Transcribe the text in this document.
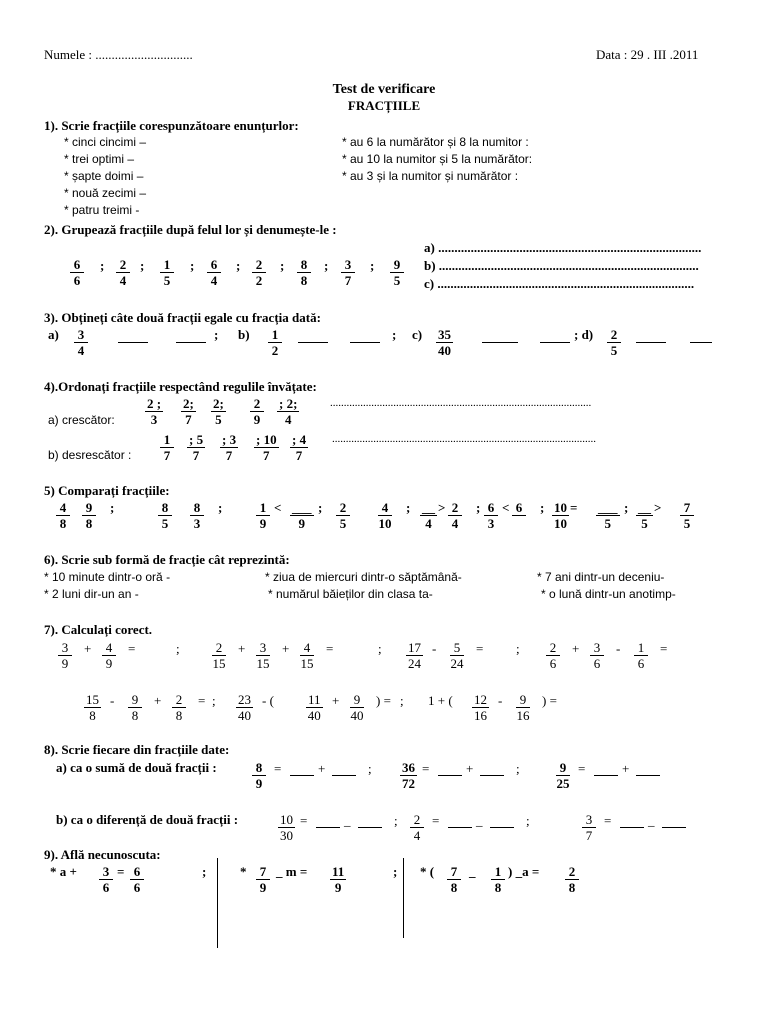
Numele : ..............................	Data : 29 . III .2011
Test de verificare
FRACȚIILE
1). Scrie fracțiile corespunzătoare enunțurlor:
* cinci cincimi –
* trei optimi –
* șapte doimi –
* nouă zecimi –
* patru treimi -
* au 6 la numărător și 8 la numitor :
* au 10 la numitor și 5 la numărător:
* au 3 și la numitor și numărător :
2). Grupează fracțiile după felul lor și denumește-le :
$\frac{6}{6}$ ; $\frac{2}{4}$ ; $\frac{1}{5}$ ; $\frac{6}{4}$ ; $\frac{2}{2}$ ; $\frac{8}{8}$ ; $\frac{3}{7}$ ; $\frac{9}{5}$
a) .................................................................................
b) ................................................................................
c) ...............................................................................
3). Obțineți câte două fracții egale cu fracția dată:
$a) \frac{3}{4}$	; $b) \frac{1}{2}$	; $c) \frac{35}{40}$	; $d) \frac{2}{5}$
4).Ordonați fracțiile respectând regulile învățate:
a) crescător: $\frac{2 ;}{3} \frac{2;}{7} \frac{2;}{5} \frac{2}{9} \frac{; 2;}{4}$	...............................................................................................
b) desrescător : $\frac{1}{7} \frac{; 5}{7} \frac{; 3}{7} \frac{; 10}{7} \frac{; 4}{7}$ ................................................................................................
5) Comparați fracțiile:
$\frac{4}{8} \frac{9}{8}$ ;	$\frac{8}{5} \frac{8}{3}$ ;	$\frac{1}{9}$ < ___
9
; $\frac{2}{5} \frac{4}{10}$ ; __
4
> $\frac{2}{4}$ ; $\frac{6}{3} < 6$ ; $\frac{10}{10}$ = ___
5
; __
5
> $\frac{7}{5}$
6). Scrie sub formă de fracție cât reprezintă:
* 10 minute dintr-o oră -	* ziua de miercuri dintr-o săptămână-	* 7 ani dintr-un deceniu-
* 2 luni dir-un an -	* numărul băieților din clasa ta-	* o lună dintr-un anotimp-
7). Calculați corect.
$\frac{3}{9} + \frac{4}{9}$ =	; $\frac{2}{15} + \frac{3}{15} + \frac{4}{15}$ =	; $\frac{17}{24} - \frac{5}{24}$ =	; $\frac{2}{6} + \frac{3}{6} - \frac{1}{6}$ =
$\frac{15}{8} - \frac{9}{8} + \frac{2}{8}$ = ; $\frac{23}{40}$ - ( $\frac{11}{40} + \frac{9}{40}$ ) = ; 1 + ( $\frac{12}{16} - \frac{9}{16}$ ) =
8). Scrie fiecare din fracțiile date:
a) ca o sumă de două fracții :	$\frac{8}{9}$ =	+	; $\frac{36}{72}$ =	+	;	$\frac{9}{25}$ =	+
b) ca o diferență de două fracții :	$\frac{10}{30}$ =	_	; $\frac{2}{4}$ =	_	;	$\frac{3}{7}$ =	_
9). Află necunoscuta:
* $a + \frac{3}{6} = \frac{6}{6}$	;	* $\frac{7}{9}$ _ $m = \frac{11}{9}$	; * ( $\frac{7}{8}$ _ $\frac{1}{8}$ ) _a = $\frac{2}{8}$
